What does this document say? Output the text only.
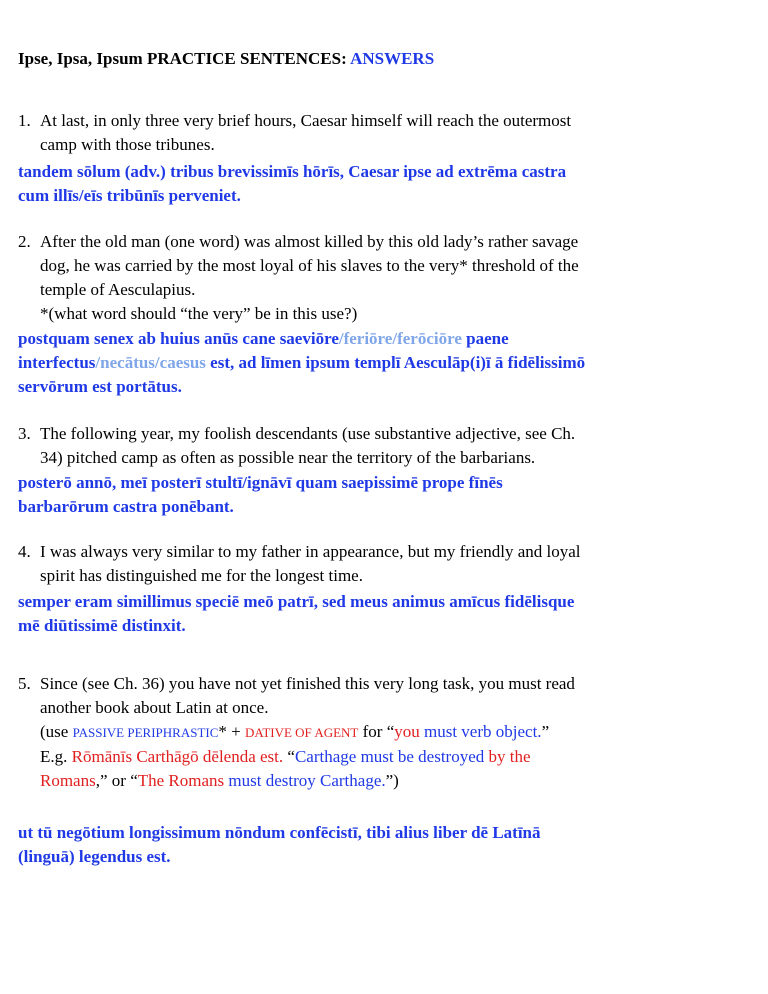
Ipse, Ipsa, Ipsum PRACTICE SENTENCES: ANSWERS
1. At last, in only three very brief hours, Caesar himself will reach the outermost
camp with those tribunes.
tandem sōlum (adv.) tribus brevissimīs hōrīs, Caesar ipse ad extrēma castra
cum illīs/eīs tribūnīs perveniet.
2. After the old man (one word) was almost killed by this old lady’s rather savage
dog, he was carried by the most loyal of his slaves to the very* threshold of the
temple of Aesculapius.
*(what word should “the very” be in this use?)
postquam senex ab huius anūs cane saeviōre/feriōre/ferōciōre paene
interfectus/necātus/caesus est, ad līmen ipsum templī Aesculāp(i)ī ā fidēlissimō
servōrum est portātus.
3. The following year, my foolish descendants (use substantive adjective, see Ch.
34) pitched camp as often as possible near the territory of the barbarians.
posterō annō, meī posterī stultī/ignāvī quam saepissimē prope fīnēs
barbarōrum castra ponēbant.
4. I was always very similar to my father in appearance, but my friendly and loyal
spirit has distinguished me for the longest time.
semper eram simillimus speciē meō patrī, sed meus animus amīcus fidēlisque
mē diūtissimē distinxit.
5. Since (see Ch. 36) you have not yet finished this very long task, you must read
another book about Latin at once.
(use PASSIVE PERIPHRASTIC* + DATIVE OF AGENT for “you must verb object.”
E.g. Rōmānīs Carthāgō dēlenda est. “Carthage must be destroyed by the
Romans,” or “The Romans must destroy Carthage.”)
ut tū negōtium longissimum nōndum confēcistī, tibi alius liber dē Latīnā
(linguā) legendus est.
